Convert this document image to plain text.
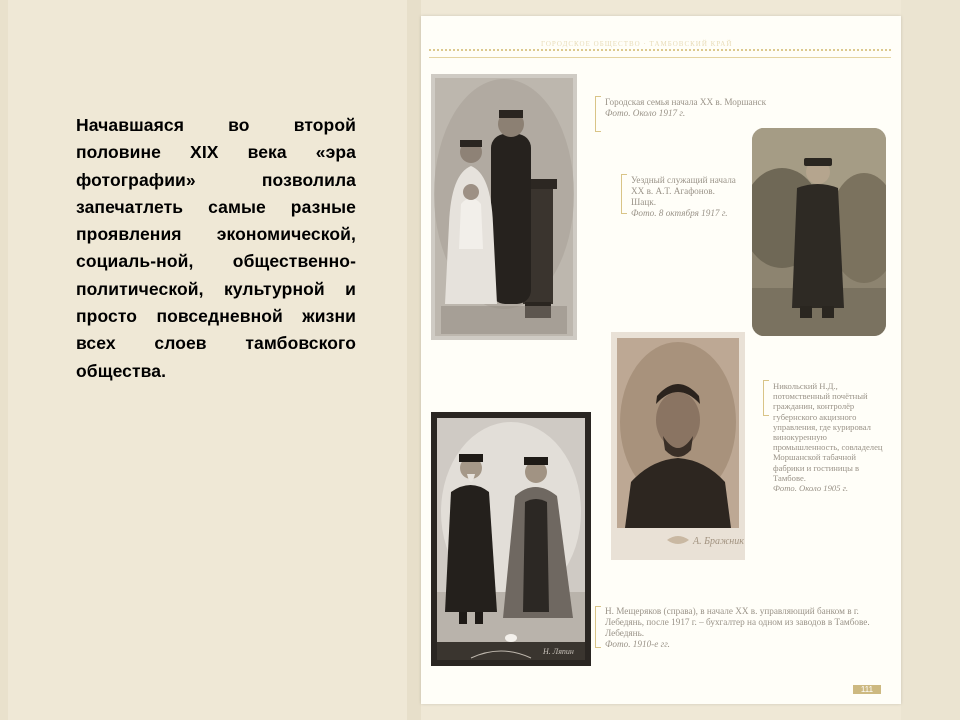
Начавшаяся во второй половине XIX века «эра фотографии» позволила запечатлеть самые разные проявления экономической, социаль-ной, общественно-политической, культурной и просто повседневной жизни всех слоев тамбовского общества.
ГОРОДСКОЕ ОБЩЕСТВО · ТАМБОВСКИЙ КРАЙ
Городская семья начала XX в. Моршанск
Фото. Около 1917 г.
Уездный служащий начала XX в. А.Т. Агафонов. Шацк.
Фото. 8 октября 1917 г.
А. Бражник
Никольский Н.Д., потомственный почётный гражданин, контролёр губернского акцизного управления, где курировал винокуренную промышленность, совладелец Моршанской табачной фабрики и гостиницы в Тамбове.
Фото. Около 1905 г.
Н. Ляпин
Н. Мещеряков (справа), в начале XX в. управляющий банком в г. Лебедянь, после 1917 г. – бухгалтер на одном из заводов в Тамбове. Лебедянь.
Фото. 1910-е гг.
111
